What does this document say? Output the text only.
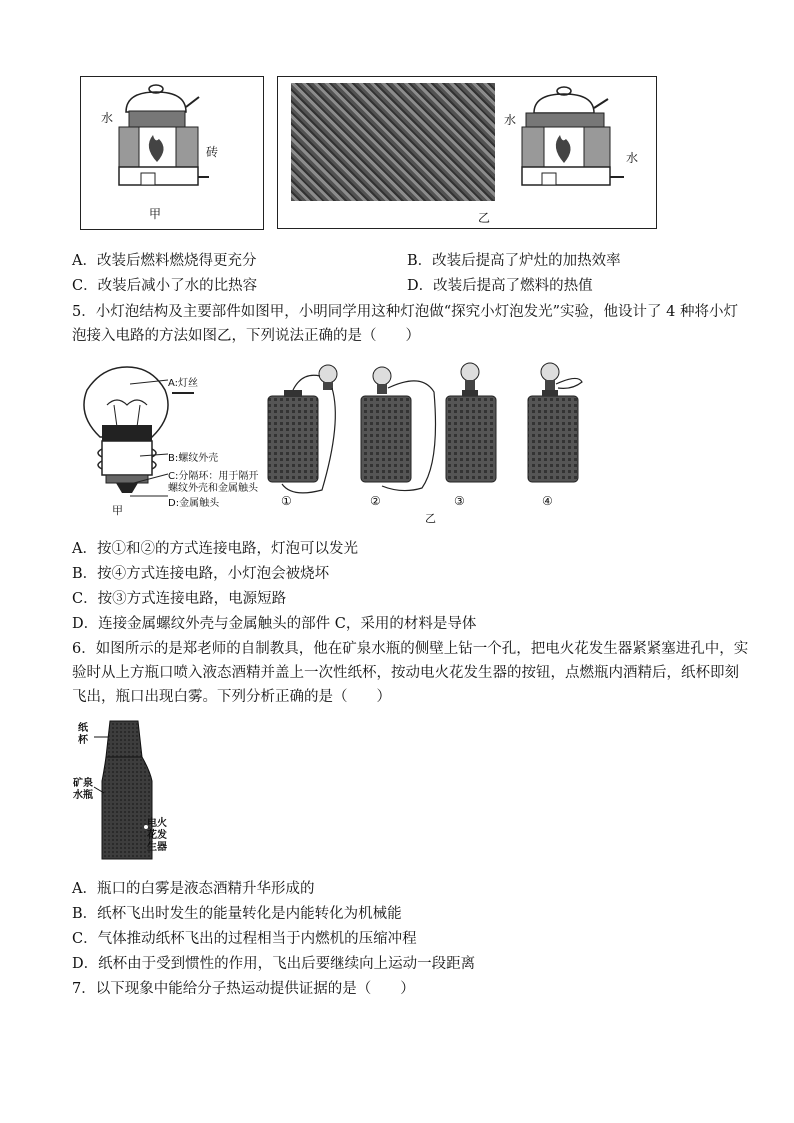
水
砖
甲
水
水
乙
A．改装后燃料燃烧得更充分	B．改装后提高了炉灶的加热效率
C．改装后减小了水的比热容	D．改装后提高了燃料的热值
5．小灯泡结构及主要部件如图甲，小明同学用这种灯泡做“探究小灯泡发光”实验，他设计了 4 种将小灯
泡接入电路的方法如图乙，下列说法正确的是（　　）
A:灯丝
B:螺纹外壳
C:分隔环：用于隔开
螺纹外壳和金属触头
D:金属触头
甲
①	②	③	④
乙
A．按①和②的方式连接电路，灯泡可以发光
B．按④方式连接电路，小灯泡会被烧坏
C．按③方式连接电路，电源短路
D．连接金属螺纹外壳与金属触头的部件 C，采用的材料是导体
6．如图所示的是郑老师的自制教具，他在矿泉水瓶的侧壁上钻一个孔，把电火花发生器紧紧塞进孔中，实
验时从上方瓶口喷入液态酒精并盖上一次性纸杯，按动电火花发生器的按钮，点燃瓶内酒精后，纸杯即刻
飞出，瓶口出现白雾。下列分析正确的是（　　）
纸
杯
矿泉
水瓶
电火
花发
生器
A．瓶口的白雾是液态酒精升华形成的
B．纸杯飞出时发生的能量转化是内能转化为机械能
C．气体推动纸杯飞出的过程相当于内燃机的压缩冲程
D．纸杯由于受到惯性的作用，飞出后要继续向上运动一段距离
7．以下现象中能给分子热运动提供证据的是（　　）
